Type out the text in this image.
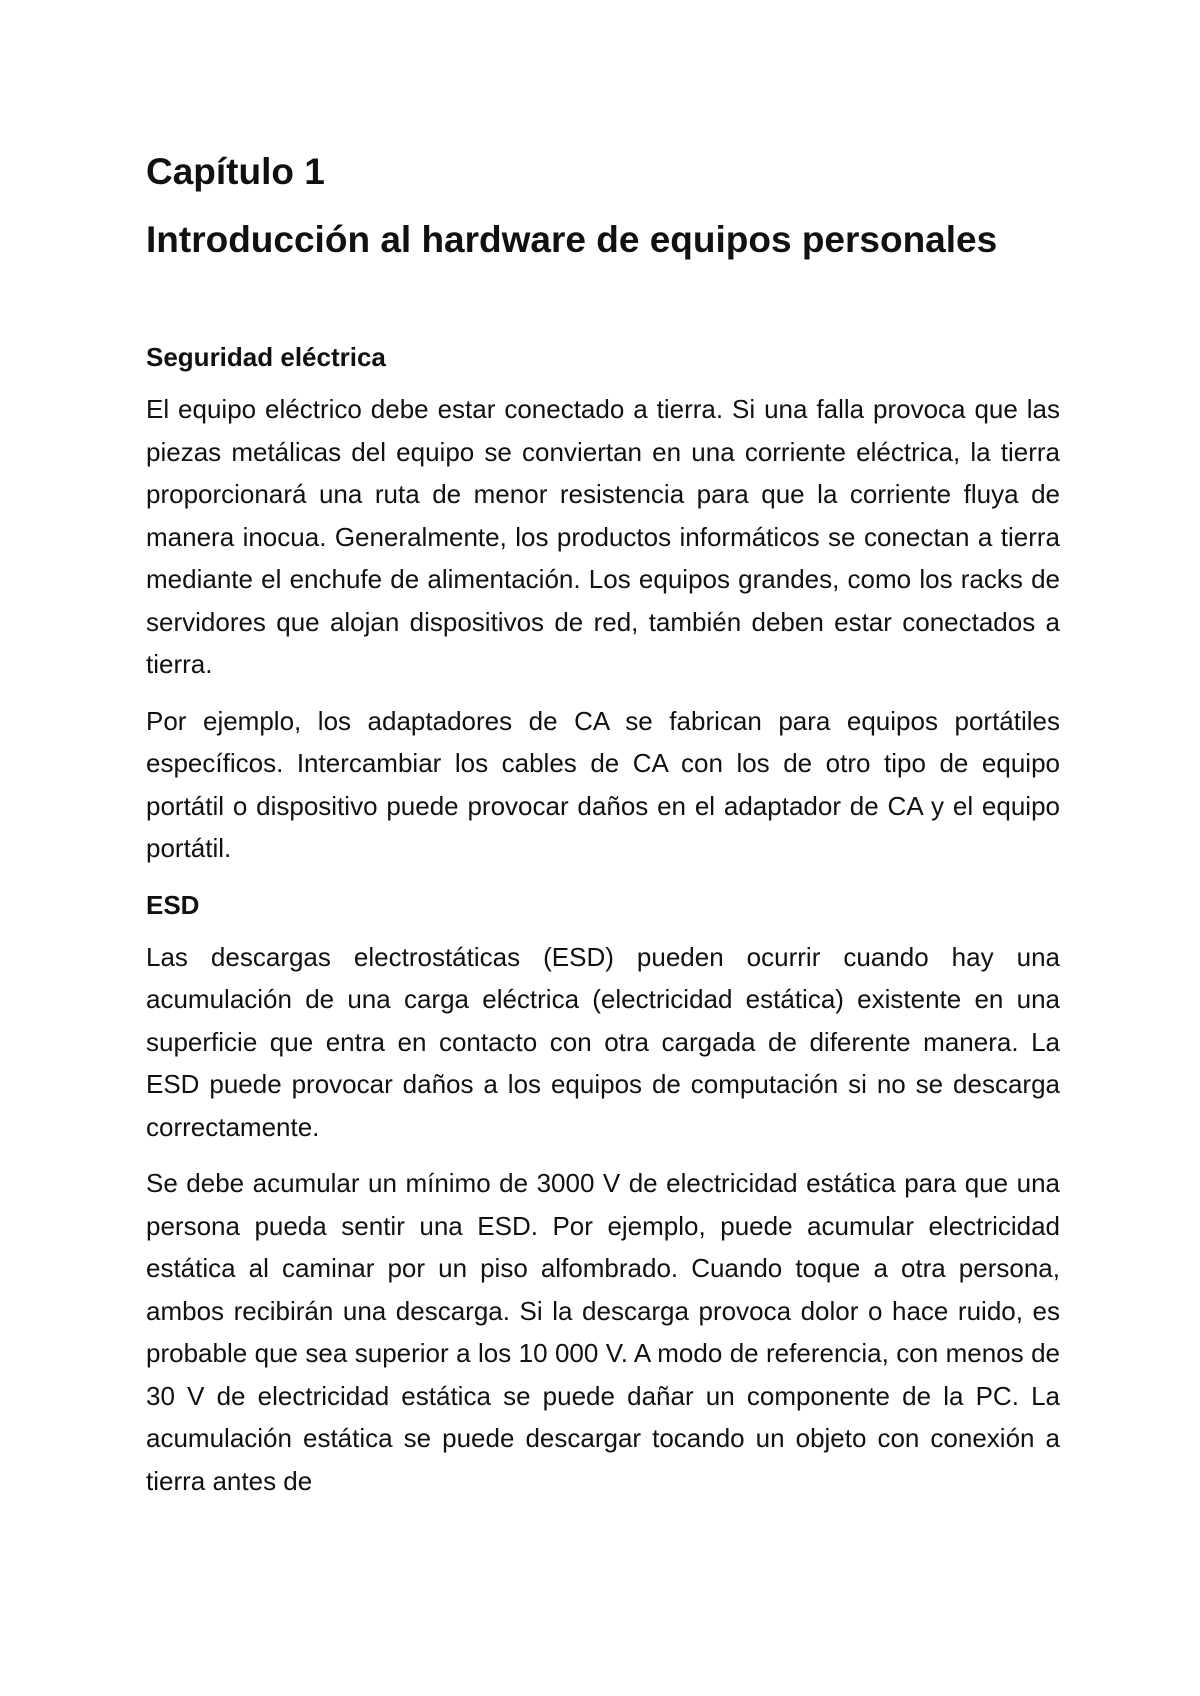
Capítulo 1
Introducción al hardware de equipos personales
Seguridad eléctrica

El equipo eléctrico debe estar conectado a tierra. Si una falla provoca que las piezas metálicas del equipo se conviertan en una corriente eléctrica, la tierra proporcionará una ruta de menor resistencia para que la corriente fluya de manera inocua. Generalmente, los productos informáticos se conectan a tierra mediante el enchufe de alimentación. Los equipos grandes, como los racks de servidores que alojan dispositivos de red, también deben estar conectados a tierra.

Por ejemplo, los adaptadores de CA se fabrican para equipos portátiles específicos. Intercambiar los cables de CA con los de otro tipo de equipo portátil o dispositivo puede provocar daños en el adaptador de CA y el equipo portátil.

ESD

Las descargas electrostáticas (ESD) pueden ocurrir cuando hay una acumulación de una carga eléctrica (electricidad estática) existente en una superficie que entra en contacto con otra cargada de diferente manera. La ESD puede provocar daños a los equipos de computación si no se descarga correctamente.

Se debe acumular un mínimo de 3000 V de electricidad estática para que una persona pueda sentir una ESD. Por ejemplo, puede acumular electricidad estática al caminar por un piso alfombrado. Cuando toque a otra persona, ambos recibirán una descarga. Si la descarga provoca dolor o hace ruido, es probable que sea superior a los 10 000 V. A modo de referencia, con menos de 30 V de electricidad estática se puede dañar un componente de la PC. La acumulación estática se puede descargar tocando un objeto con conexión a tierra antes de
